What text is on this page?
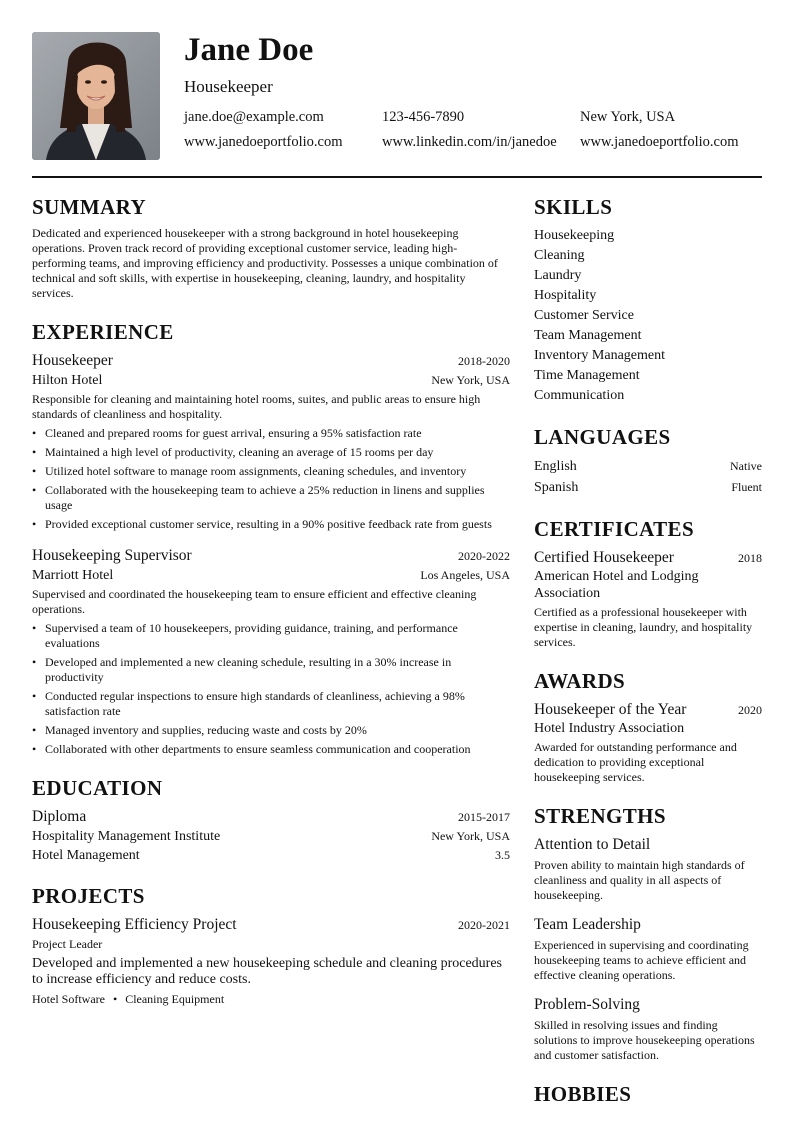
Jane Doe
Housekeeper
jane.doe@example.com	123-456-7890	New York, USA
www.janedoeportfolio.com	www.linkedin.com/in/janedoe	www.janedoeportfolio.com
SUMMARY

Dedicated and experienced housekeeper with a strong background in hotel housekeeping operations. Proven track record of providing exceptional customer service, leading high-performing teams, and improving efficiency and productivity. Possesses a unique combination of technical and soft skills, with expertise in housekeeping, cleaning, laundry, and hospitality services.

EXPERIENCE
Housekeeper	2018-2020
Hilton Hotel	New York, USA

Responsible for cleaning and maintaining hotel rooms, suites, and public areas to ensure high standards of cleanliness and hospitality.

• Cleaned and prepared rooms for guest arrival, ensuring a 95% satisfaction rate
• Maintained a high level of productivity, cleaning an average of 15 rooms per day
• Utilized hotel software to manage room assignments, cleaning schedules, and inventory
• Collaborated with the housekeeping team to achieve a 25% reduction in linens and supplies usage
• Provided exceptional customer service, resulting in a 90% positive feedback rate from guests
Housekeeping Supervisor	2020-2022
Marriott Hotel	Los Angeles, USA

Supervised and coordinated the housekeeping team to ensure efficient and effective cleaning operations.

• Supervised a team of 10 housekeepers, providing guidance, training, and performance evaluations
• Developed and implemented a new cleaning schedule, resulting in a 30% increase in productivity
• Conducted regular inspections to ensure high standards of cleanliness, achieving a 98% satisfaction rate
• Managed inventory and supplies, reducing waste and costs by 20%
• Collaborated with other departments to ensure seamless communication and cooperation
EDUCATION
Diploma	2015-2017
Hospitality Management Institute	New York, USA
Hotel Management	3.5
PROJECTS
Housekeeping Efficiency Project	2020-2021
Project Leader

Developed and implemented a new housekeeping schedule and cleaning procedures to increase efficiency and reduce costs.

Hotel Software • Cleaning Equipment
SKILLS
Housekeeping
Cleaning
Laundry
Hospitality
Customer Service
Team Management
Inventory Management
Time Management
Communication
LANGUAGES
English	Native
Spanish	Fluent
CERTIFICATES
Certified Housekeeper	2018
American Hotel and Lodging Association

Certified as a professional housekeeper with expertise in cleaning, laundry, and hospitality services.

AWARDS
Housekeeper of the Year	2020
Hotel Industry Association

Awarded for outstanding performance and dedication to providing exceptional housekeeping services.

STRENGTHS
Attention to Detail

Proven ability to maintain high standards of cleanliness and quality in all aspects of housekeeping.

Team Leadership

Experienced in supervising and coordinating housekeeping teams to achieve efficient and effective cleaning operations.

Problem-Solving

Skilled in resolving issues and finding solutions to improve housekeeping operations and customer satisfaction.

HOBBIES
